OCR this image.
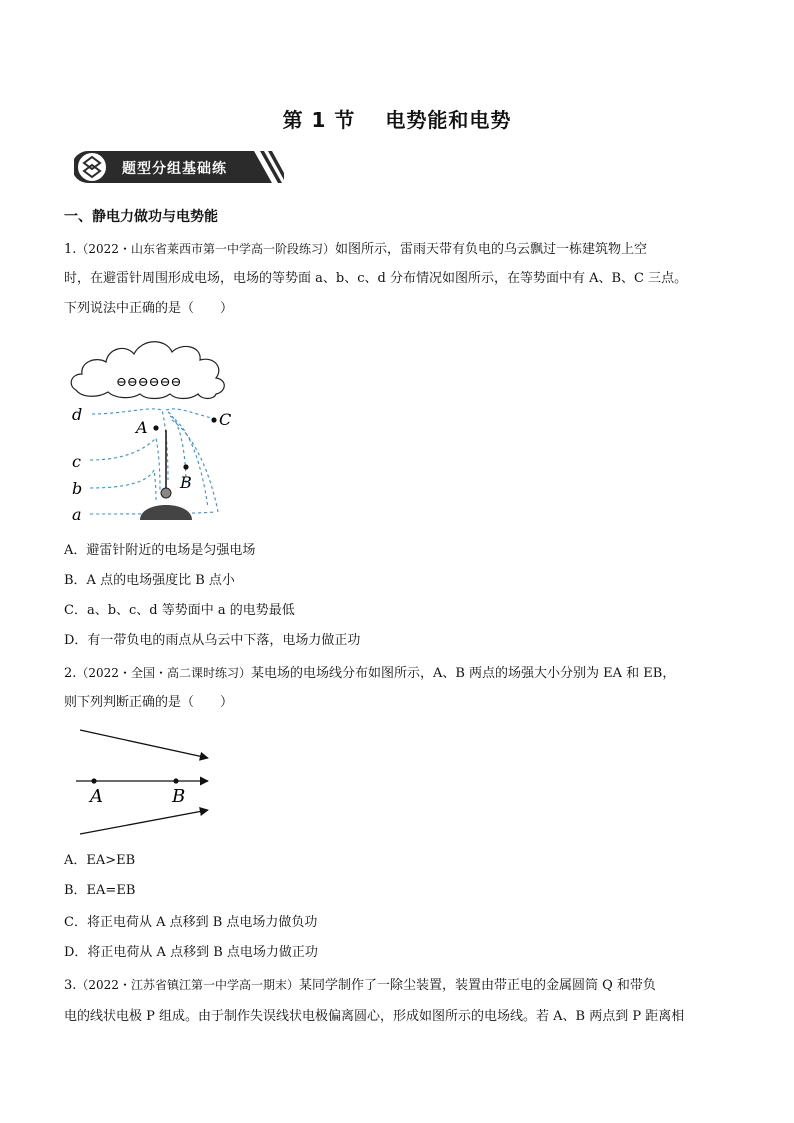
第 1 节 电势能和电势
题型分组基础练
一、静电力做功与电势能
1.（2022・山东省莱西市第一中学高一阶段练习）如图所示，雷雨天带有负电的乌云飘过一栋建筑物上空
时，在避雷针周围形成电场，电场的等势面 a、b、c、d 分布情况如图所示，在等势面中有 A、B、C 三点。
下列说法中正确的是（　　）
⊖⊖⊖⊖⊖⊖
A
B
C
d
c
b
a
A．避雷针附近的电场是匀强电场
B．A 点的电场强度比 B 点小
C．a、b、c、d 等势面中 a 的电势最低
D．有一带负电的雨点从乌云中下落，电场力做正功
2.（2022・全国・高二课时练习）某电场的电场线分布如图所示，A、B 两点的场强大小分别为 EA 和 EB，
则下列判断正确的是（　　）
A	B
A．EA>EB
B．EA=EB
C．将正电荷从 A 点移到 B 点电场力做负功
D．将正电荷从 A 点移到 B 点电场力做正功
3.（2022・江苏省镇江第一中学高一期末）某同学制作了一除尘装置，装置由带正电的金属圆筒 Q 和带负
电的线状电极 P 组成。由于制作失误线状电极偏离圆心，形成如图所示的电场线。若 A、B 两点到 P 距离相
